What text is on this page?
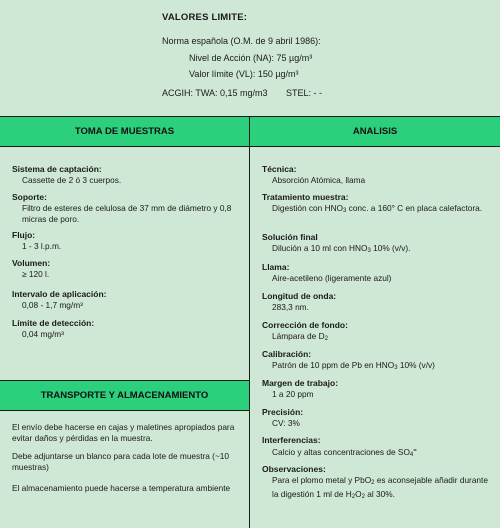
VALORES LIMITE:
Norma española (O.M. de 9 abril 1986):
Nivel de Acción (NA): 75 µg/m³
Valor límite (VL): 150 µg/m³
ACGIH: TWA: 0,15 mg/m3 STEL: - -
TOMA DE MUESTRAS	ANALISIS
Sistema de captación:
Cassette de 2 ó 3 cuerpos.
Soporte:
Filtro de esteres de celulosa de 37 mm de diámetro y 0,8 micras de poro.
Flujo:
1 - 3 l.p.m.
Volumen:
≥ 120 l.
Intervalo de aplicación:
0,08 - 1,7 mg/m³
Límite de detección:
0,04 mg/m³
TRANSPORTE Y ALMACENAMIENTO
El envío debe hacerse en cajas y maletines apropiados para evitar daños y pérdidas en la muestra.
Debe adjuntarse un blanco para cada lote de muestra (~10 muestras)
El almacenamiento puede hacerse a temperatura ambiente
Técnica:
Absorción Atómica, llama
Tratamiento muestra:
Digestión con $HNO_3$ conc. a 160° C en placa calefactora.
Solución final
Dilución a 10 ml con $HNO_3$ 10% (v/v).
Llama:
Aire-acetileno (ligeramente azul)
Longitud de onda:
283,3 nm.
Corrección de fondo:
Lámpara de $D_2$
Calibración:
Patrón de 10 ppm de Pb en $HNO_3$ 10% (v/v)
Margen de trabajo:
1 a 20 ppm
Precisión:
CV: 3%
Interferencias:
Calcio y altas concentraciones de $SO_4^=$
Observaciones:
Para el plomo metal y PbO$_2$ es aconsejable añadir durante la digestión 1 ml de $H_2O_2$ al 30%.
